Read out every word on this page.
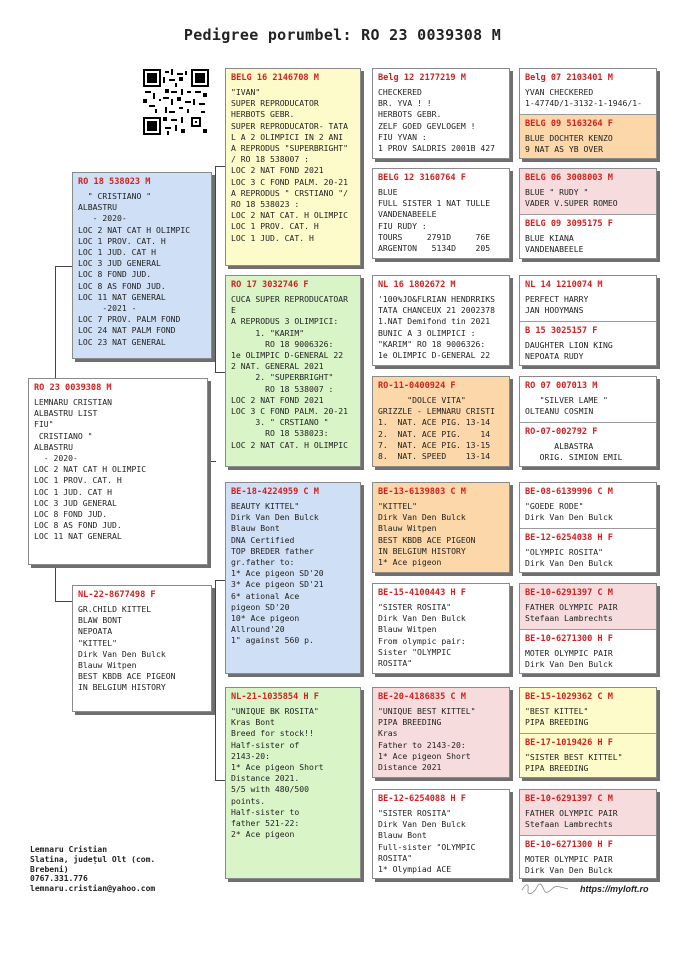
Pedigree porumbel: RO 23 0039308 M
RO 23 0039308 M
LEMNARU CRISTIAN
ALBASTRU LIST
FIU"
CRISTIANO "
ALBASTRU
- 2020-
LOC 2 NAT CAT H OLIMPIC
LOC 1 PROV. CAT. H
LOC 1 JUD. CAT H
LOC 3 JUD GENERAL
LOC 8 FOND JUD.
LOC 8 AS FOND JUD.
LOC 11 NAT GENERAL
RO 18 538023 M
" CRISTIANO "
ALBASTRU
- 2020-
LOC 2 NAT CAT H OLIMPIC
LOC 1 PROV. CAT. H
LOC 1 JUD. CAT H
LOC 3 JUD GENERAL
LOC 8 FOND JUD.
LOC 8 AS FOND JUD.
LOC 11 NAT GENERAL
-2021 -
LOC 7 PROV. PALM FOND
LOC 24 NAT PALM FOND
LOC 23 NAT GENERAL
NL-22-8677498 F
GR.CHILD KITTEL
BLAW BONT
NEPOATA
"KITTEL"
Dirk Van Den Bulck
Blauw Witpen
BEST KBDB ACE PIGEON
IN BELGIUM HISTORY
BELG 16 2146708 M
"IVAN"
SUPER REPRODUCATOR
HERBOTS GEBR.
SUPER REPRODUCATOR- TATA
L A 2 OLIMPICI IN 2 ANI
A REPRODUS "SUPERBRIGHT"
/ RO 18 538007 :
LOC 2 NAT FOND 2021
LOC 3 C FOND PALM. 20-21
A REPRODUS " CRSTIANO "/
RO 18 538023 :
LOC 2 NAT CAT. H OLIMPIC
LOC 1 PROV. CAT. H
LOC 1 JUD. CAT. H
RO 17 3032746 F
CUCA SUPER REPRODUCATOAR
E
A REPRODUS 3 OLIMPICI:
1. "KARIM"
RO 18 9006326:
1e OLIMPIC D-GENERAL 22
2 NAT. GENERAL 2021
2. "SUPERBRIGHT"
RO 18 538007 :
LOC 2 NAT FOND 2021
LOC 3 C FOND PALM. 20-21
3. " CRSTIANO "
RO 18 538023:
LOC 2 NAT CAT. H OLIMPIC
BE-18-4224959 C M
BEAUTY KITTEL"
Dirk Van Den Bulck
Blauw Bont
DNA Certified
TOP BREDER father
gr.father to:
1* Ace pigeon SD'20
3* Ace pigeon SD'21
6* ational Ace
pigeon SD'20
10* Ace pigeon
Allround'20
1" against 560 p.
NL-21-1035854 H F
"UNIQUE BK ROSITA"
Kras Bont
Breed for stock!!
Half-sister of
2143-20:
1* Ace pigeon Short
Distance 2021.
5/5 with 480/500
points.
Half-sister to
father 521-22:
2* Ace pigeon
Belg 12 2177219 M
CHECKERED
BR. YVA ! !
HERBOTS GEBR.
ZELF GOED GEVLOGEM !
FIU YVAN :
1 PROV SALDRIS 2001B 427
BELG 12 3160764 F
BLUE
FULL SISTER 1 NAT TULLE
VANDENABEELE
FIU RUDY :
TOURS     2791D     76E
ARGENTON   5134D    205
NL 16 1802672 M
'100%JO&FLRIAN HENDRRIKS
TATA CHANCEUX 21 2002378
1.NAT Demifond tin 2021
BUNIC A 3 OLIMPICI :
"KARIM" RO 18 9006326:
1e OLIMPIC D-GENERAL 22
RO-11-0400924 F
"DOLCE VITA"
GRIZZLE - LEMNARU CRISTI
1.  NAT. ACE PIG. 13-14
2.  NAT. ACE PIG.    14
7.  NAT. ACE PIG. 13-15
8.  NAT. SPEED    13-14
BE-13-6139803 C M
"KITTEL"
Dirk Van Den Bulck
Blauw Witpen
BEST KBDB ACE PIGEON
IN BELGIUM HISTORY
1* Ace pigeon
BE-15-4100443 H F
"SISTER ROSITA"
Dirk Van Den Bulck
Blauw Witpen
From olympic pair:
Sister "OLYMPIC
ROSITA"
BE-20-4186835 C M
"UNIQUE BEST KITTEL"
PIPA BREEDING
Kras
Father to 2143-20:
1* Ace pigeon Short
Distance 2021
BE-12-6254088 H F
"SISTER ROSITA"
Dirk Van Den Bulck
Blauw Bont
Full-sister "OLYMPIC
ROSITA"
1* Olympiad ACE
Belg 07 2103401 M
YVAN CHECKERED
1-4774D/1-3132-1-1946/1-
BELG 09 5163264 F
BLUE DOCHTER KENZO
9 NAT AS YB OVER
BELG 06 3008003 M
BLUE " RUDY "
VADER V.SUPER ROMEO
BELG 09 3095175 F
BLUE KIANA
VANDENABEELE
NL 14 1210074 M
PERFECT HARRY
JAN HOOYMANS
B 15 3025157 F
DAUGHTER LION KING
NEPOATA RUDY
RO 07 007013 M
"SILVER LAME "
OLTEANU COSMIN
RO-07-002792 F
ALBASTRA
ORIG. SIMION EMIL
BE-08-6139996 C M
"GOEDE RODE"
Dirk Van Den Bulck
BE-12-6254038 H F
"OLYMPIC ROSITA"
Dirk Van Den Bulck
BE-10-6291397 C M
FATHER OLYMPIC PAIR
Stefaan Lambrechts
BE-10-6271300 H F
MOTER OLYMPIC PAIR
Dirk Van Den Bulck
BE-15-1029362 C M
"BEST KITTEL"
PIPA BREEDING
BE-17-1019426 H F
"SISTER BEST KITTEL"
PIPA BREEDING
BE-10-6291397 C M
FATHER OLYMPIC PAIR
Stefaan Lambrechts
BE-10-6271300 H F
MOTER OLYMPIC PAIR
Dirk Van Den Bulck
Lemnaru Cristian
Slatina, județul Olt (com.
Brebeni)
0767.331.776
lemnaru.cristian@yahoo.com	https://myloft.ro
